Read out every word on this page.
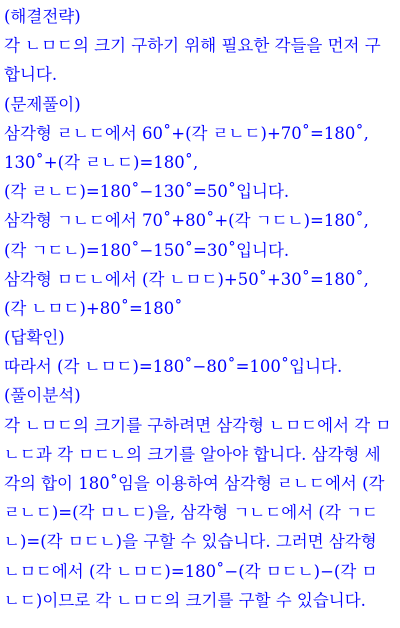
(해결전략)
각 ㄴㅁㄷ의 크기 구하기 위해 필요한 각들을 먼저 구
합니다.
(문제풀이)
삼각형 ㄹㄴㄷ에서 60˚+(각 ㄹㄴㄷ)+70˚=180˚,
130˚+(각 ㄹㄴㄷ)=180˚,
(각 ㄹㄴㄷ)=180˚−130˚=50˚입니다.
삼각형 ㄱㄴㄷ에서 70˚+80˚+(각 ㄱㄷㄴ)=180˚,
(각 ㄱㄷㄴ)=180˚−150˚=30˚입니다.
삼각형 ㅁㄷㄴ에서 (각 ㄴㅁㄷ)+50˚+30˚=180˚,
(각 ㄴㅁㄷ)+80˚=180˚
(답확인)
따라서 (각 ㄴㅁㄷ)=180˚−80˚=100˚입니다.
(풀이분석)
각 ㄴㅁㄷ의 크기를 구하려면 삼각형 ㄴㅁㄷ에서 각 ㅁ
ㄴㄷ과 각 ㅁㄷㄴ의 크기를 알아야 합니다. 삼각형 세
각의 합이 180˚임을 이용하여 삼각형 ㄹㄴㄷ에서 (각
ㄹㄴㄷ)=(각 ㅁㄴㄷ)을, 삼각형 ㄱㄴㄷ에서 (각 ㄱㄷ
ㄴ)=(각 ㅁㄷㄴ)을 구할 수 있습니다. 그러면 삼각형
ㄴㅁㄷ에서 (각 ㄴㅁㄷ)=180˚−(각 ㅁㄷㄴ)−(각 ㅁ
ㄴㄷ)이므로 각 ㄴㅁㄷ의 크기를 구할 수 있습니다.
